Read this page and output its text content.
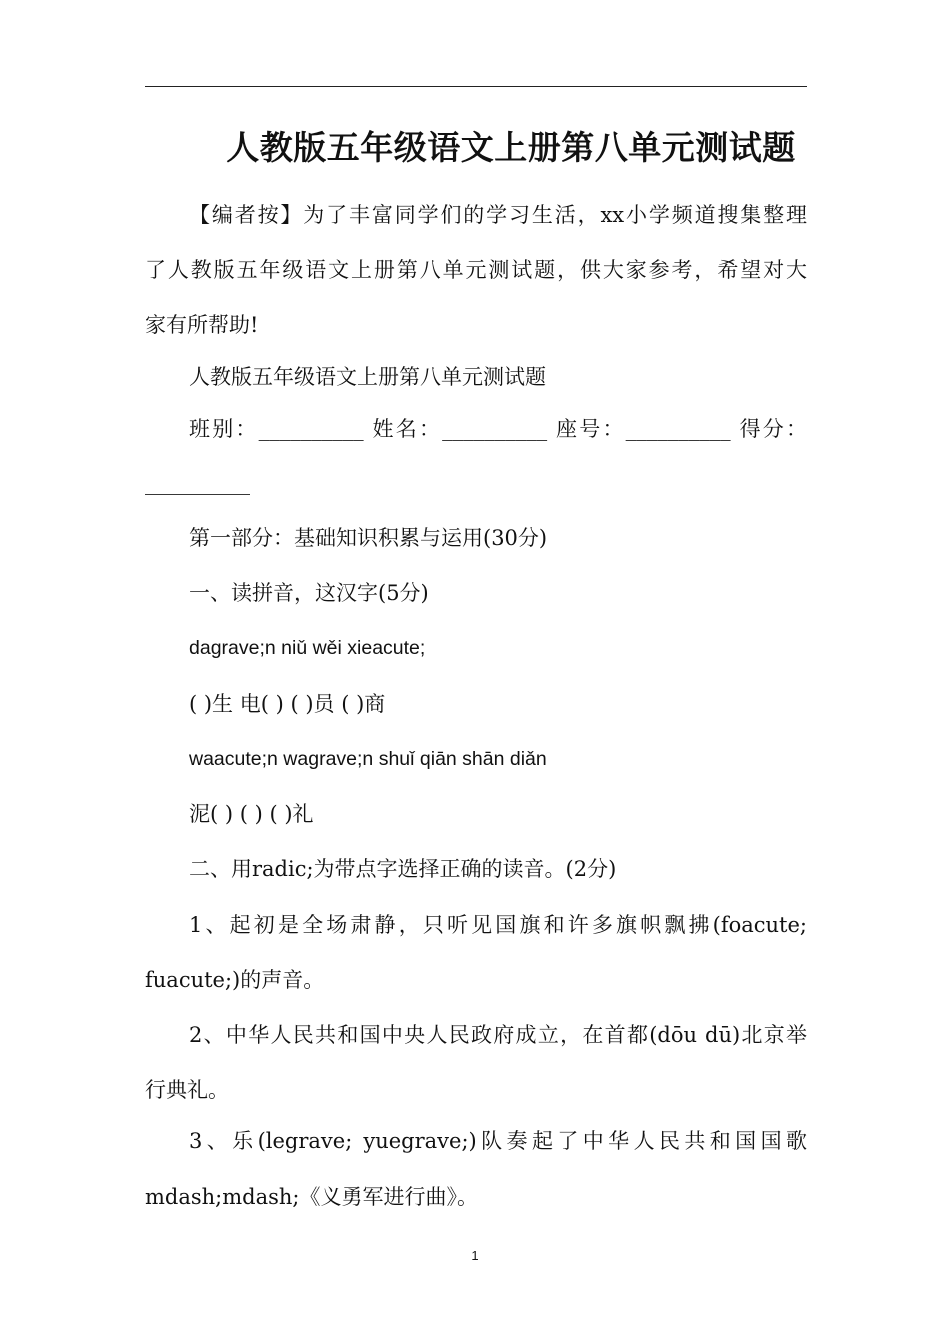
人教版五年级语文上册第八单元测试题
【编者按】为了丰富同学们的学习生活，xx小学频道搜集整理
了人教版五年级语文上册第八单元测试题，供大家参考，希望对大
家有所帮助!
人教版五年级语文上册第八单元测试题
班别：__________ 姓名：__________ 座号：__________ 得分：
__________
第一部分：基础知识积累与运用(30分)
一、读拼音，这汉字(5分)
dagrave;n niǔ wěi xieacute;
( )生 电( ) ( )员 ( )商
waacute;n wagrave;n shuǐ qiān shān diǎn
泥( ) ( ) ( )礼
二、用radic;为带点字选择正确的读音。(2分)
1、起初是全场肃静，只听见国旗和许多旗帜飘拂(foacute;
fuacute;)的声音。
2、中华人民共和国中央人民政府成立，在首都(dōu dū)北京举
行典礼。
3、乐(legrave; yuegrave;)队奏起了中华人民共和国国歌
mdash;mdash;《义勇军进行曲》。
1
